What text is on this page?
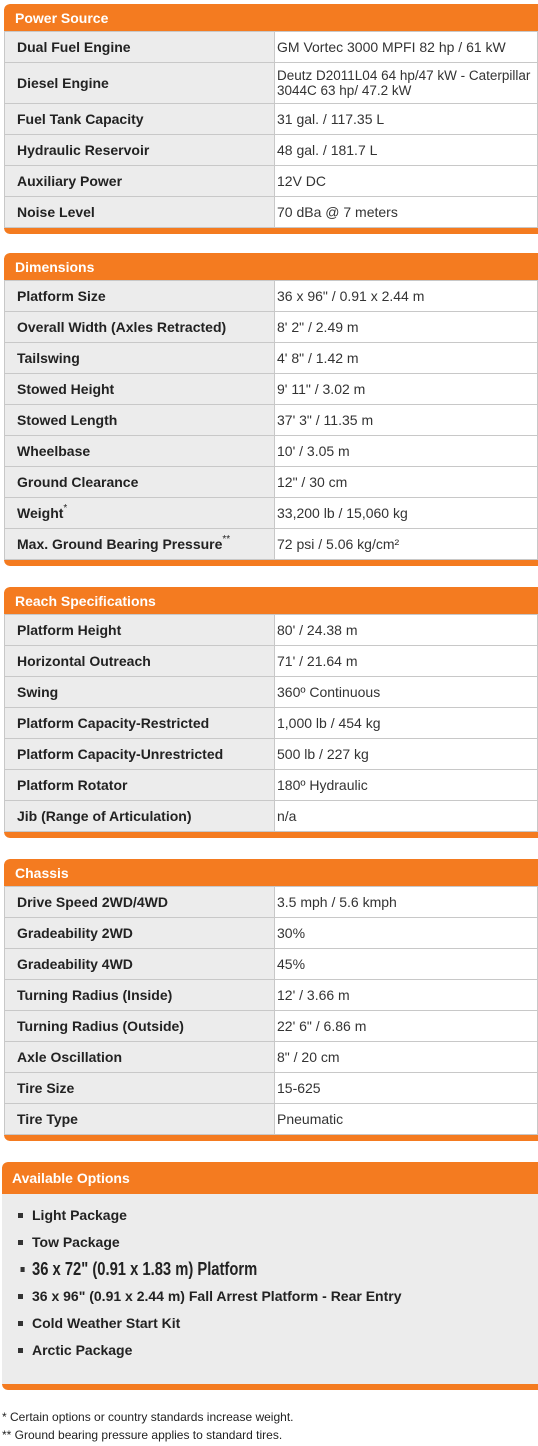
Power Source
Dual Fuel Engine	GM Vortec 3000 MPFI 82 hp / 61 kW
Diesel Engine	Deutz D2011L04 64 hp/47 kW - Caterpillar 3044C 63 hp/ 47.2 kW
Fuel Tank Capacity	31 gal. / 117.35 L
Hydraulic Reservoir	48 gal. / 181.7 L
Auxiliary Power	12V DC
Noise Level	70 dBa @ 7 meters
Dimensions
Platform Size	36 x 96" / 0.91 x 2.44 m
Overall Width (Axles Retracted)	8' 2" / 2.49 m
Tailswing	4' 8" / 1.42 m
Stowed Height	9' 11" / 3.02 m
Stowed Length	37' 3" / 11.35 m
Wheelbase	10' / 3.05 m
Ground Clearance	12" / 30 cm
Weight*	33,200 lb / 15,060 kg
Max. Ground Bearing Pressure**	72 psi / 5.06 kg/cm²
Reach Specifications
Platform Height	80' / 24.38 m
Horizontal Outreach	71' / 21.64 m
Swing	360º Continuous
Platform Capacity-Restricted	1,000 lb / 454 kg
Platform Capacity-Unrestricted	500 lb / 227 kg
Platform Rotator	180º Hydraulic
Jib (Range of Articulation)	n/a
Chassis
Drive Speed 2WD/4WD	3.5 mph / 5.6 kmph
Gradeability 2WD	30%
Gradeability 4WD	45%
Turning Radius (Inside)	12' / 3.66 m
Turning Radius (Outside)	22' 6" / 6.86 m
Axle Oscillation	8" / 20 cm
Tire Size	15-625
Tire Type	Pneumatic
Available Options
Light Package
Tow Package
36 x 72" (0.91 x 1.83 m) Platform
36 x 96" (0.91 x 2.44 m) Fall Arrest Platform - Rear Entry
Cold Weather Start Kit
Arctic Package
* Certain options or country standards increase weight.
** Ground bearing pressure applies to standard tires.
